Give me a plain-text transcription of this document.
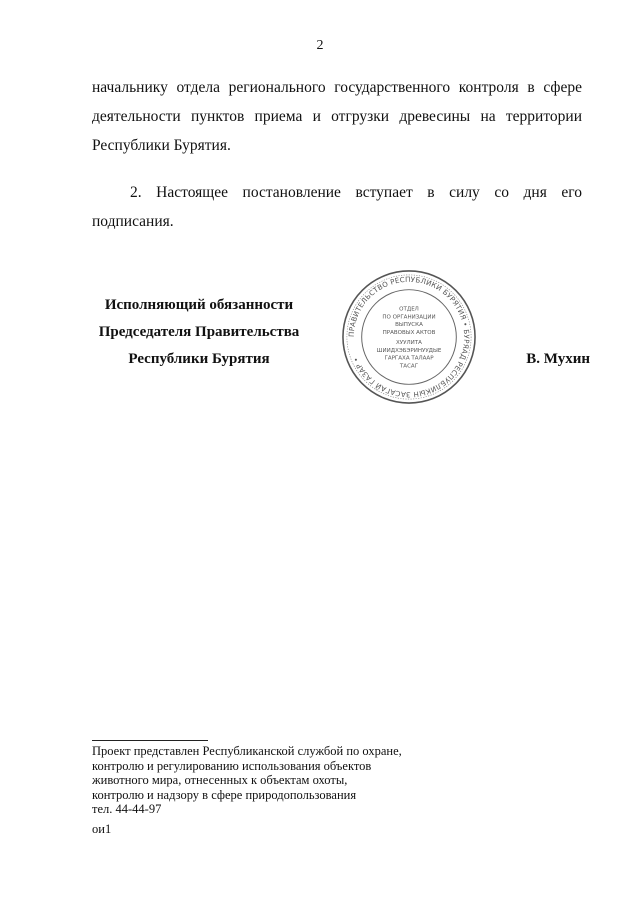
2

начальнику отдела регионального государственного контроля в сфере деятельности пунктов приема и отгрузки древесины на территории Республики Бурятия.

2. Настоящее постановление вступает в силу со дня его подписания.

Исполняющий обязанности
Председателя Правительства
Республики Бурятия
ПРАВИТЕЛЬСТВО РЕСПУБЛИКИ БУРЯТИЯ • БУРЯАД РЕСПУБЛИКЫН ЗАСАГАЙ ГАЗАР •
ОТДЕЛ
ПО ОРГАНИЗАЦИИ
ВЫПУСКА
ПРАВОВЫХ АКТОВ
ХУУЛИТА
ШИИДХЭБЭРИНУУДЫЕ
ГАРГАХА ТАЛААР
ТАСАГ	В. Мухин
Проект представлен Республиканской службой по охране,
контролю и регулированию использования объектов
животного мира, отнесенных к объектам охоты,
контролю и надзору в сфере природопользования
тел. 44-44-97
ои1
